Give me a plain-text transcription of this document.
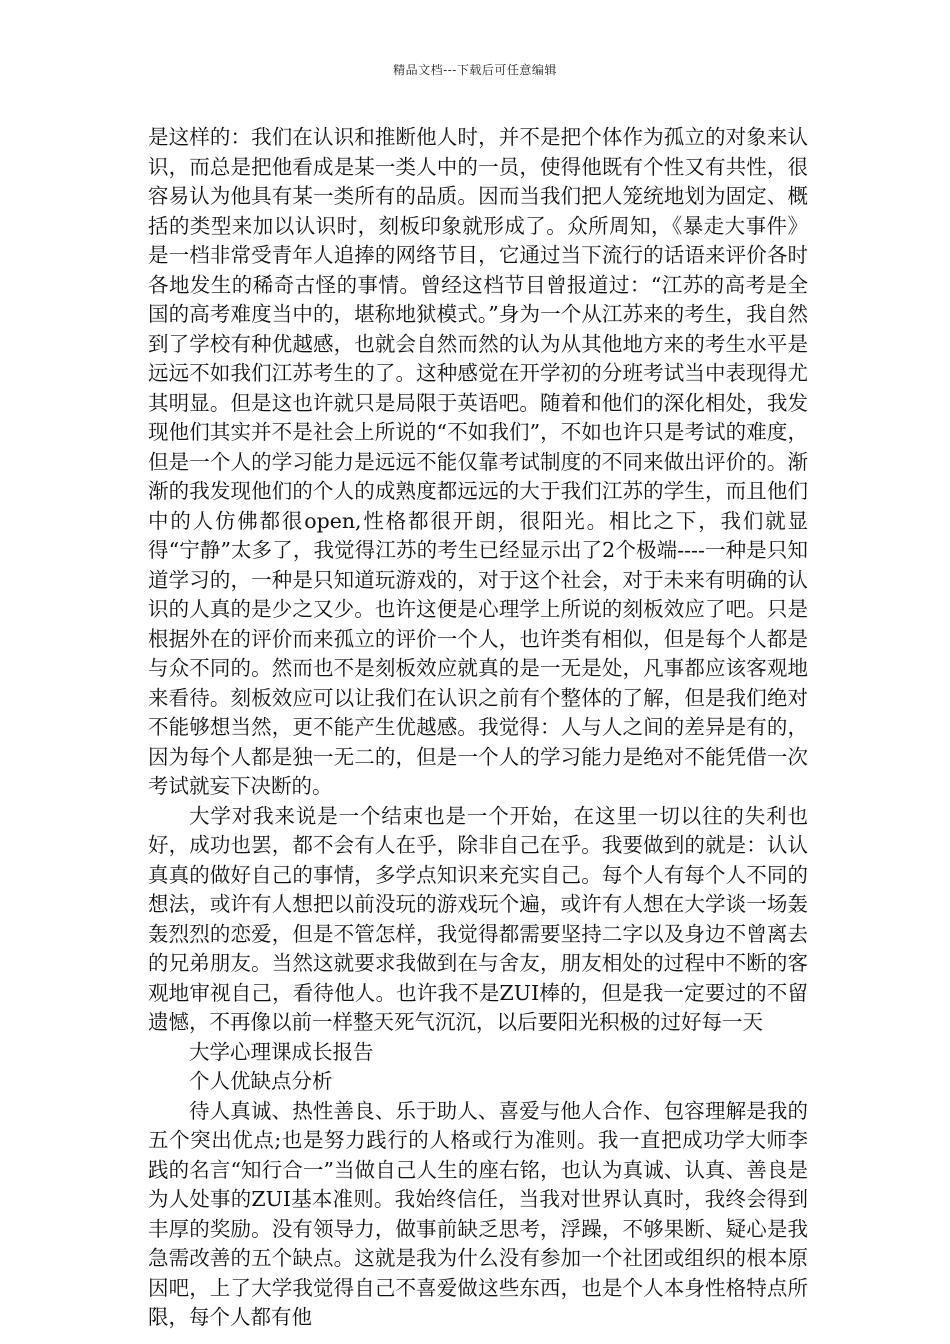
精品文档---下载后可任意编辑

是这样的：我们在认识和推断他人时，并不是把个体作为孤立的对象来认识，而总是把他看成是某一类人中的一员，使得他既有个性又有共性，很容易认为他具有某一类所有的品质。因而当我们把人笼统地划为固定、概括的类型来加以认识时，刻板印象就形成了。众所周知，《暴走大事件》是一档非常受青年人追捧的网络节目，它通过当下流行的话语来评价各时各地发生的稀奇古怪的事情。曾经这档节目曾报道过：“江苏的高考是全国的高考难度当中的，堪称地狱模式。”身为一个从江苏来的考生，我自然到了学校有种优越感，也就会自然而然的认为从其他地方来的考生水平是远远不如我们江苏考生的了。这种感觉在开学初的分班考试当中表现得尤其明显。但是这也许就只是局限于英语吧。随着和他们的深化相处，我发现他们其实并不是社会上所说的“不如我们”，不如也许只是考试的难度，但是一个人的学习能力是远远不能仅靠考试制度的不同来做出评价的。渐渐的我发现他们的个人的成熟度都远远的大于我们江苏的学生，而且他们中的人仿佛都很open,性格都很开朗，很阳光。相比之下，我们就显得“宁静”太多了，我觉得江苏的考生已经显示出了2个极端----一种是只知道学习的，一种是只知道玩游戏的，对于这个社会，对于未来有明确的认识的人真的是少之又少。也许这便是心理学上所说的刻板效应了吧。只是根据外在的评价而来孤立的评价一个人，也许类有相似，但是每个人都是与众不同的。然而也不是刻板效应就真的是一无是处，凡事都应该客观地来看待。刻板效应可以让我们在认识之前有个整体的了解，但是我们绝对不能够想当然，更不能产生优越感。我觉得：人与人之间的差异是有的，因为每个人都是独一无二的，但是一个人的学习能力是绝对不能凭借一次考试就妄下决断的。

大学对我来说是一个结束也是一个开始，在这里一切以往的失利也好，成功也罢，都不会有人在乎，除非自己在乎。我要做到的就是：认认真真的做好自己的事情，多学点知识来充实自己。每个人有每个人不同的想法，或许有人想把以前没玩的游戏玩个遍，或许有人想在大学谈一场轰轰烈烈的恋爱，但是不管怎样，我觉得都需要坚持二字以及身边不曾离去的兄弟朋友。当然这就要求我做到在与舍友，朋友相处的过程中不断的客观地审视自己，看待他人。也许我不是ZUI棒的，但是我一定要过的不留遗憾，不再像以前一样整天死气沉沉，以后要阳光积极的过好每一天

大学心理课成长报告

个人优缺点分析

待人真诚、热性善良、乐于助人、喜爱与他人合作、包容理解是我的五个突出优点;也是努力践行的人格或行为准则。我一直把成功学大师李践的名言“知行合一”当做自己人生的座右铭，也认为真诚、认真、善良是为人处事的ZUI基本准则。我始终信任，当我对世界认真时，我终会得到丰厚的奖励。没有领导力，做事前缺乏思考，浮躁，不够果断、疑心是我急需改善的五个缺点。这就是我为什么没有参加一个社团或组织的根本原因吧，上了大学我觉得自己不喜爱做这些东西，也是个人本身性格特点所限，每个人都有他
